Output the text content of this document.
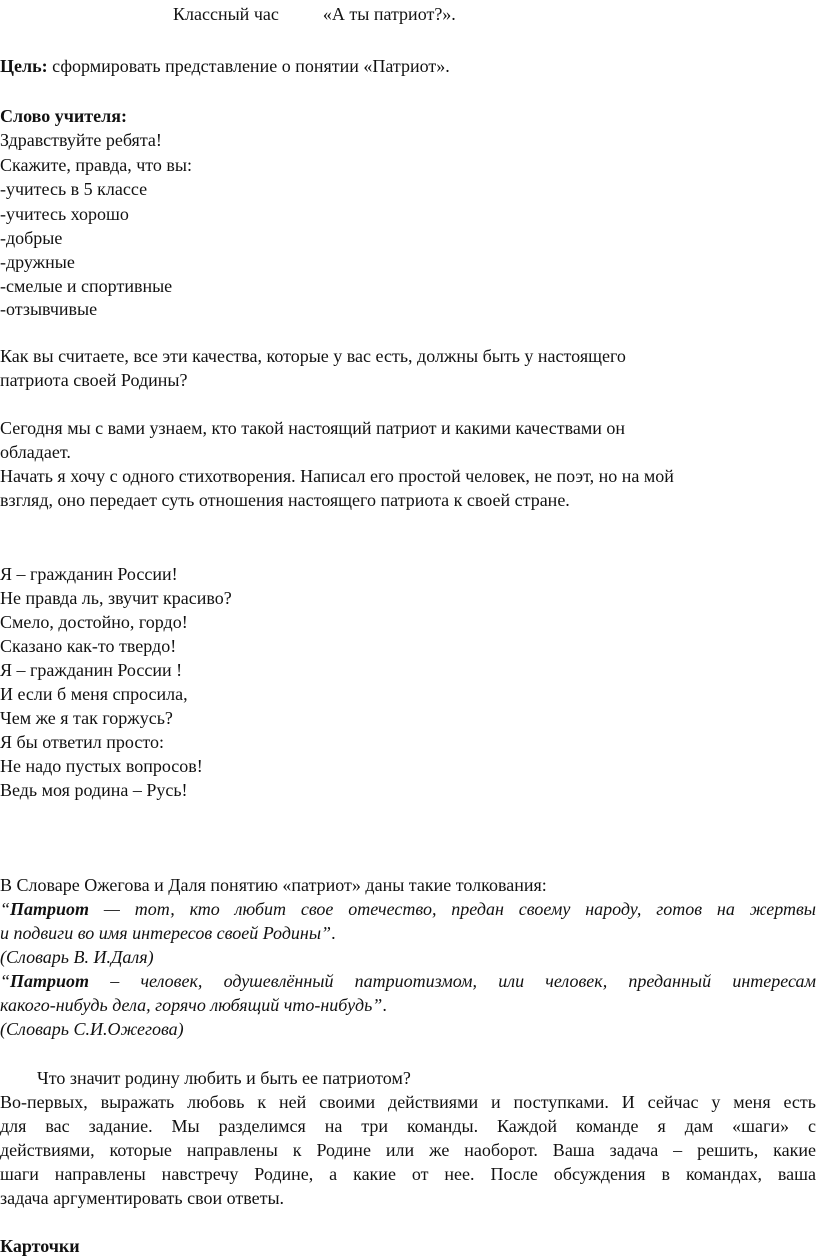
Классный час «А ты патриот?».
Цель: сформировать представление о понятии «Патриот».
Слово учителя:
Здравствуйте ребята!
Скажите, правда, что вы:
-учитесь в 5 классе
-учитесь хорошо
-добрые
-дружные
-смелые и спортивные
-отзывчивые
Как вы считаете, все эти качества, которые у вас есть, должны быть у настоящего
патриота своей Родины?
Сегодня мы с вами узнаем, кто такой настоящий патриот и какими качествами он
обладает.
Начать я хочу с одного стихотворения. Написал его простой человек, не поэт, но на мой
взгляд, оно передает суть отношения настоящего патриота к своей стране.
Я – гражданин России!
Не правда ль, звучит красиво?
Смело, достойно, гордо!
Сказано как-то твердо!
Я – гражданин России !
И если б меня спросила,
Чем же я так горжусь?
Я бы ответил просто:
Не надо пустых вопросов!
Ведь моя родина – Русь!
В Словаре Ожегова и Даля понятию «патриот» даны такие толкования:
“Патриот — тот, кто любит свое отечество, предан своему народу, готов на жертвы
и подвиги во имя интересов своей Родины”.
(Словарь В. И.Даля)
“Патриот – человек, одушевлённый патриотизмом, или человек, преданный интересам
какого-нибудь дела, горячо любящий что-нибудь”.
(Словарь С.И.Ожегова)
Что значит родину любить и быть ее патриотом?
Во-первых, выражать любовь к ней своими действиями и поступками. И сейчас у меня есть
для вас задание. Мы разделимся на три команды. Каждой команде я дам «шаги» с
действиями, которые направлены к Родине или же наоборот. Ваша задача – решить, какие
шаги направлены навстречу Родине, а какие от нее. После обсуждения в командах, ваша
задача аргументировать свои ответы.
Карточки
